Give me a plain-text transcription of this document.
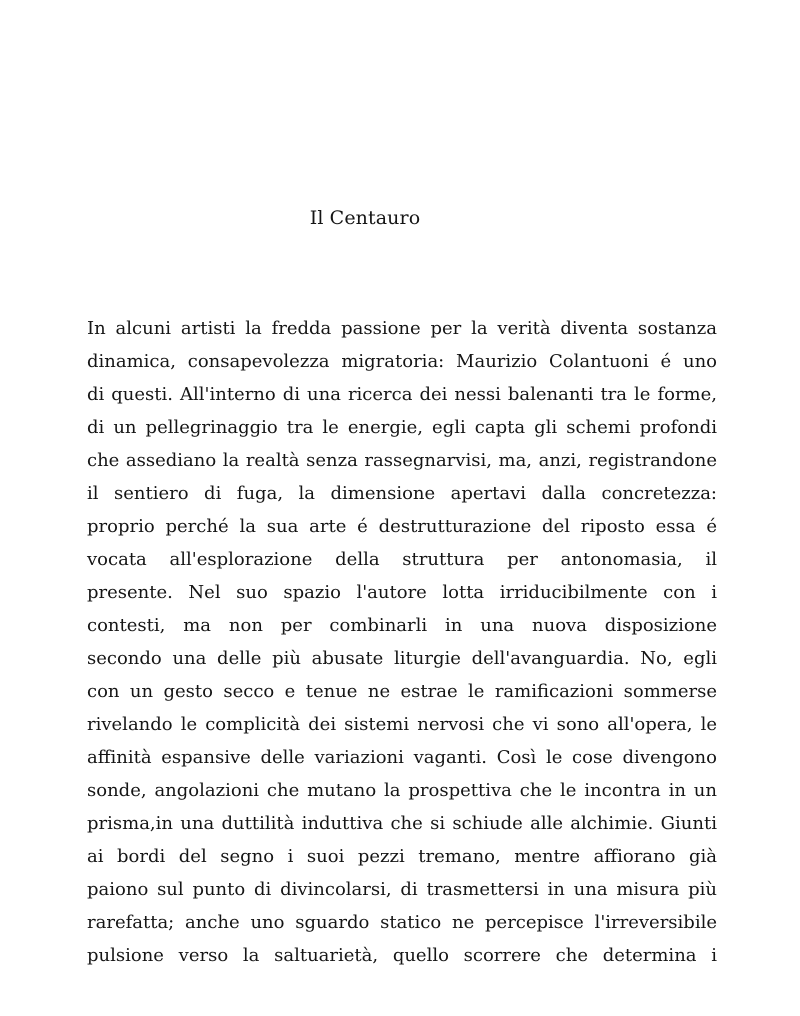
Il Centauro
In alcuni artisti la fredda passione per la verità diventa sostanza
dinamica, consapevolezza migratoria: Maurizio Colantuoni é uno
di questi. All'interno di una ricerca dei nessi balenanti tra le forme,
di un pellegrinaggio tra le energie, egli capta gli schemi profondi
che assediano la realtà senza rassegnarvisi, ma, anzi, registrandone
il sentiero di fuga, la dimensione apertavi dalla concretezza:
proprio perché la sua arte é destrutturazione del riposto essa é
vocata all'esplorazione della struttura per antonomasia, il
presente. Nel suo spazio l'autore lotta irriducibilmente con i
contesti, ma non per combinarli in una nuova disposizione
secondo una delle più abusate liturgie dell'avanguardia. No, egli
con un gesto secco e tenue ne estrae le ramificazioni sommerse
rivelando le complicità dei sistemi nervosi che vi sono all'opera, le
affinità espansive delle variazioni vaganti. Così le cose divengono
sonde, angolazioni che mutano la prospettiva che le incontra in un
prisma,in una duttilità induttiva che si schiude alle alchimie. Giunti
ai bordi del segno i suoi pezzi tremano, mentre affiorano già
paiono sul punto di divincolarsi, di trasmettersi in una misura più
rarefatta; anche uno sguardo statico ne percepisce l'irreversibile
pulsione verso la saltuarietà, quello scorrere che determina i
